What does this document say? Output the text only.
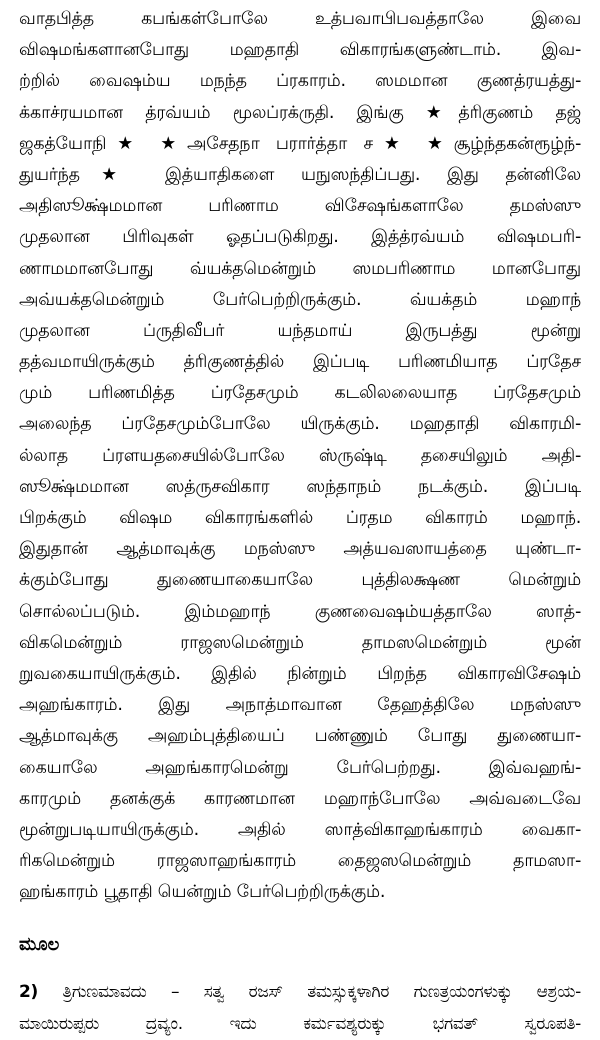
வாதபித்த கபங்கள்போலே உத்பவாபிபவத்தாலே இவை
விஷமங்களானபோது மஹதாதி விகாரங்களுண்டாம். இவ-
ற்றில் வைஷம்ய மநந்த ப்ரகாரம். ஸமமான குணத்ரயத்து-
க்காச்ரயமான த்ரவ்யம் மூலப்ரக்ருதி. இங்கு ★த்ரிகுணம் தஜ்
ஜகத்யோநி★ ★அசேதநா பரார்த்தா ச★ ★சூழ்ந்தகன்ரூழ்ந்-
துயர்ந்த★ இத்யாதிகளை யநுஸந்திப்பது. இது தன்னிலே
அதிஸூக்ஷ்மமான பரிணாம விசேஷங்களாலே தமஸ்ஸு
முதலான பிரிவுகள் ஓதப்படுகிறது. இத்த்ரவ்யம் விஷமபரி-
ணாமமானபோது வ்யக்தமென்றும் ஸமபரிணாம மானபோது
அவ்யக்தமென்றும் பேர்பெற்றிருக்கும். வ்யக்தம் மஹாந்
முதலான ப்ருதிவீபர் யந்தமாய் இருபத்து மூன்று
தத்வமாயிருக்கும் த்ரிகுணத்தில் இப்படி பரிணமியாத ப்ரதேச
மும் பரிணமித்த ப்ரதேசமும் கடலிலலையாத ப்ரதேசமும்
அலைந்த ப்ரதேசமும்போலே யிருக்கும். மஹதாதி விகாரமி-
ல்லாத ப்ரளயதசையில்போலே ஸ்ருஷ்டி தசையிலும் அதி-
ஸூக்ஷ்மமான ஸத்ருசவிகார ஸந்தாநம் நடக்கும். இப்படி
பிறக்கும் விஷம விகாரங்களில் ப்ரதம விகாரம் மஹாந்.
இதுதான் ஆத்மாவுக்கு மநஸ்ஸு அத்யவஸாயத்தை யுண்டா-
க்கும்போது துணையாகையாலே புத்திலக்ஷண மென்றும்
சொல்லப்படும். இம்மஹாந் குணவைஷம்யத்தாலே ஸாத்-
விகமென்றும் ராஜஸமென்றும் தாமஸமென்றும் மூன்
றுவகையாயிருக்கும். இதில் நின்றும் பிறந்த விகாரவிசேஷம்
அஹங்காரம். இது அநாத்மாவான தேஹத்திலே மநஸ்ஸு
ஆத்மாவுக்கு அஹம்புத்தியைப் பண்ணும் போது துணையா-
கையாலே அஹங்காரமென்று பேர்பெற்றது. இவ்வஹங்-
காரமும் தனக்குக் காரணமான மஹாந்போலே அவ்வடைவே
மூன்றுபடியாயிருக்கும். அதில் ஸாத்விகாஹங்காரம் வைகா-
ரிகமென்றும் ராஜஸாஹங்காரம் தைஜஸமென்றும் தாமஸா-
ஹங்காரம் பூதாதி யென்றும் பேர்பெற்றிருக்கும்.
ಮೂಲ
2) ತ್ರಿಗುಣಮಾವದು – ಸತ್ವ ರಜಸ್ ತಮಸ್ಸುಕ್ಕಳಾಗಿರ ಗುಣತ್ರಯಂಗಳುಕ್ಕು ಆಶ್ರಯ-
ಮಾಯಿರುಪ್ಪರು ದ್ರವ್ಯಂ. ಇದು ಕರ್ಮವಶ್ಯರುಕ್ಕು ಭಗವತ್ ಸ್ವರೂಪತಿ-
